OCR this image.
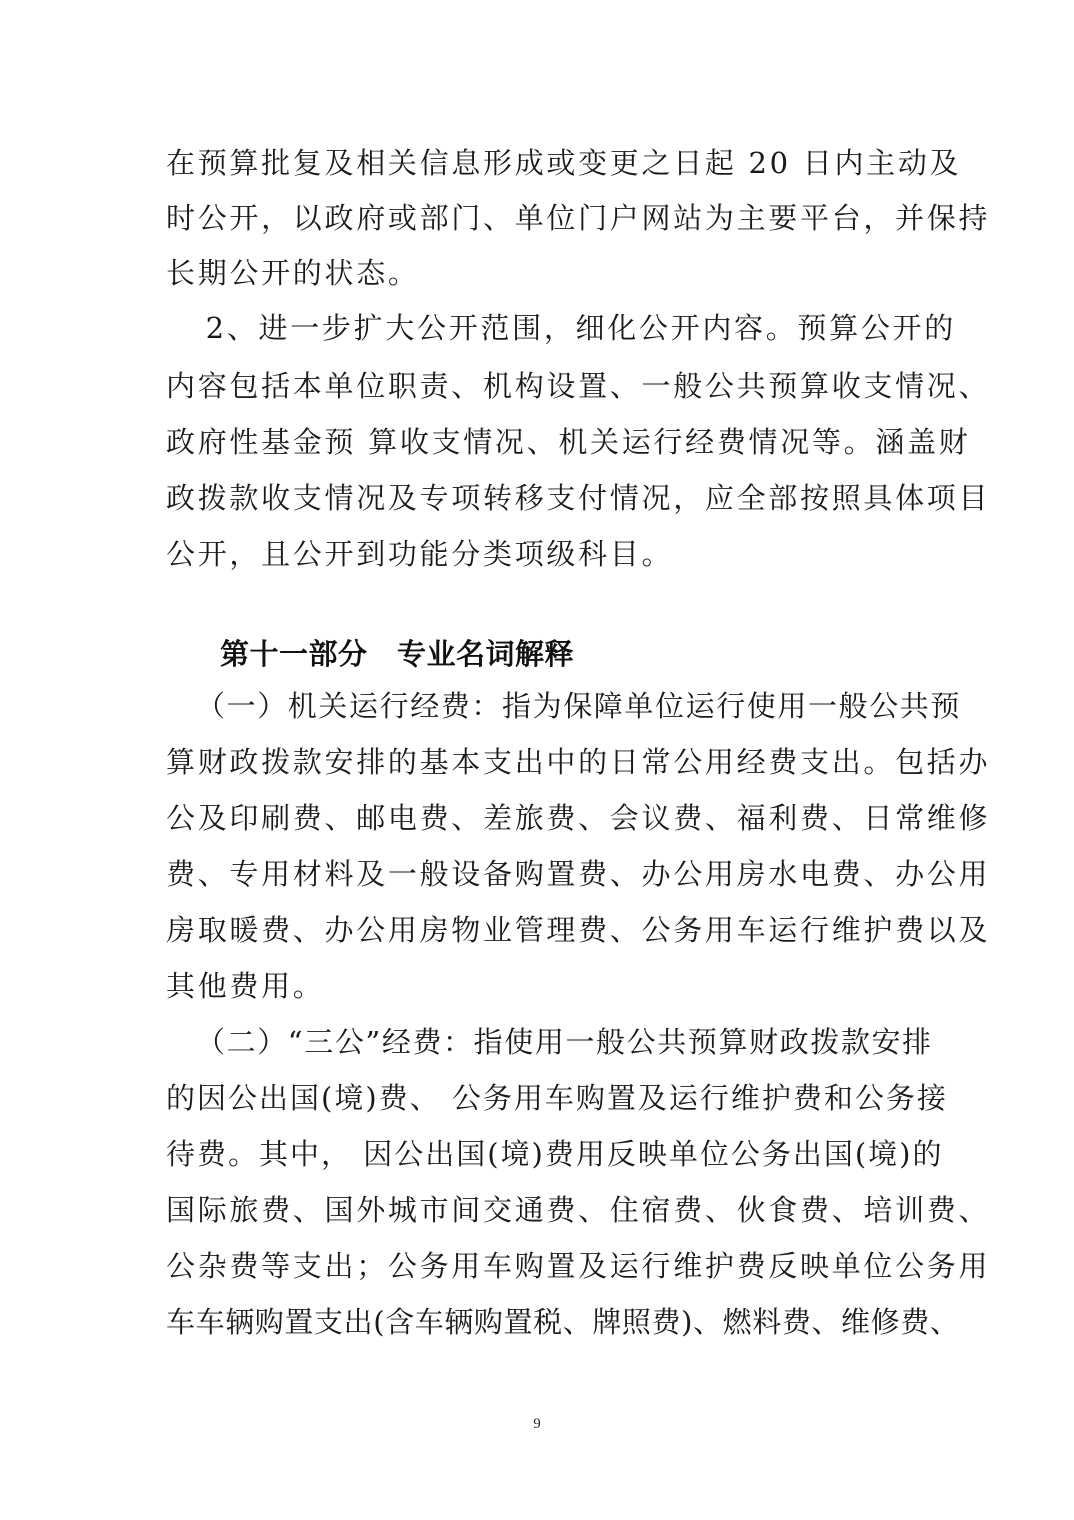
在预算批复及相关信息形成或变更之日起 20 日内主动及
时公开，以政府或部门、单位门户网站为主要平台，并保持
长期公开的状态。
2、进一步扩大公开范围，细化公开内容。预算公开的
内容包括本单位职责、机构设置、一般公共预算收支情况、
政府性基金预 算收支情况、机关运行经费情况等。涵盖财
政拨款收支情况及专项转移支付情况，应全部按照具体项目
公开，且公开到功能分类项级科目。
第十一部分　专业名词解释
（一）机关运行经费：指为保障单位运行使用一般公共预
算财政拨款安排的基本支出中的日常公用经费支出。包括办
公及印刷费、邮电费、差旅费、会议费、福利费、日常维修
费、专用材料及一般设备购置费、办公用房水电费、办公用
房取暖费、办公用房物业管理费、公务用车运行维护费以及
其他费用。
（二）“三公”经费：指使用一般公共预算财政拨款安排
的因公出国(境)费、 公务用车购置及运行维护费和公务接
待费。其中， 因公出国(境)费用反映单位公务出国(境)的
国际旅费、国外城市间交通费、住宿费、伙食费、培训费、
公杂费等支出；公务用车购置及运行维护费反映单位公务用
车车辆购置支出(含车辆购置税、牌照费)、燃料费、维修费、
9
